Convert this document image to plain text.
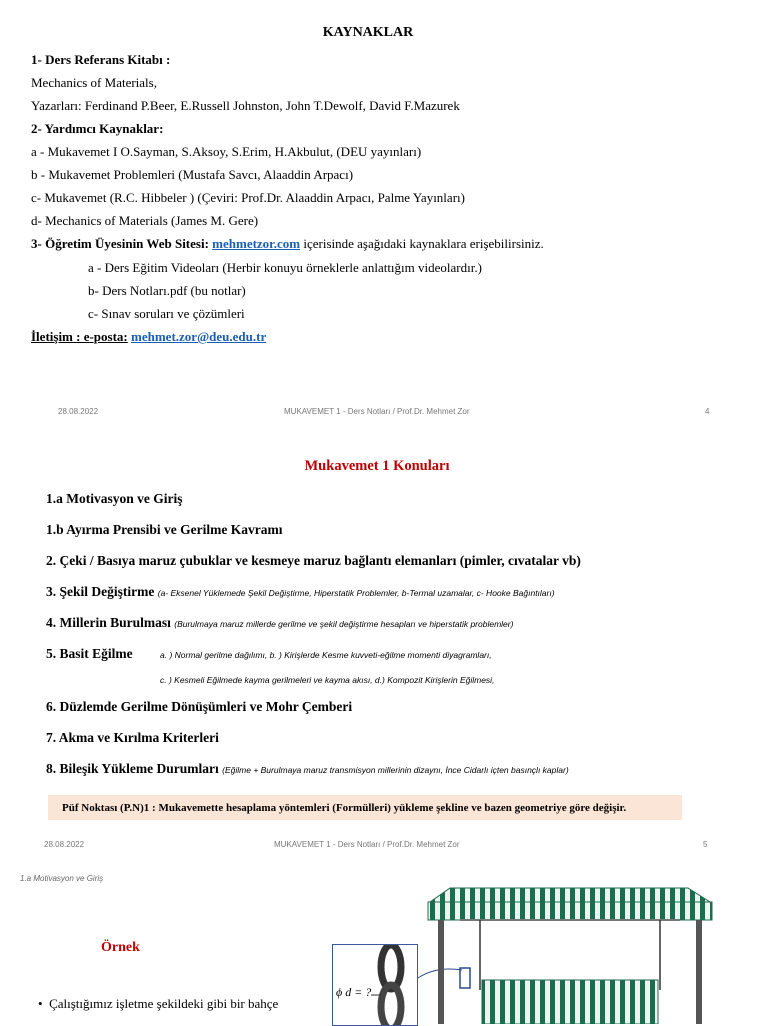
KAYNAKLAR
1- Ders Referans Kitabı :
Mechanics of Materials,
Yazarları: Ferdinand P.Beer, E.Russell Johnston, John T.Dewolf, David F.Mazurek
2- Yardımcı Kaynaklar:
a - Mukavemet I O.Sayman, S.Aksoy, S.Erim, H.Akbulut, (DEU yayınları)
b - Mukavemet Problemleri (Mustafa Savcı, Alaaddin Arpacı)
c- Mukavemet (R.C. Hibbeler ) (Çeviri: Prof.Dr. Alaaddin Arpacı, Palme Yayınları)
d- Mechanics of Materials (James M. Gere)
3- Öğretim Üyesinin Web Sitesi: mehmetzor.com içerisinde aşağıdaki kaynaklara erişebilirsiniz.
a - Ders Eğitim Videoları (Herbir konuyu örneklerle anlattığım videolardır.)
b- Ders Notları.pdf (bu notlar)
c- Sınav soruları ve çözümleri
İletişim : e-posta: mehmet.zor@deu.edu.tr
28.08.2022	MUKAVEMET 1 - Ders Notları / Prof.Dr. Mehmet Zor	4
Mukavemet 1 Konuları
1.a Motivasyon ve Giriş
1.b Ayırma Prensibi ve Gerilme Kavramı
2. Çeki / Basıya maruz çubuklar ve kesmeye maruz bağlantı elemanları (pimler, cıvatalar vb)
3. Şekil Değiştirme (a- Eksenel Yüklemede Şekil Değiştirme, Hiperstatik Problemler, b-Termal uzamalar, c- Hooke Bağıntıları)
4. Millerin Burulması (Burulmaya maruz millerde gerilme ve şekil değiştirme hesapları ve hiperstatik problemler)
5. Basit Eğilme	a. ) Normal gerilme dağılımı, b. ) Kirişlerde Kesme kuvveti-eğilme momenti diyagramları,
c. ) Kesmeli Eğilmede kayma gerilmeleri ve kayma akısı, d.) Kompozit Kirişlerin Eğilmesi,
6. Düzlemde Gerilme Dönüşümleri ve Mohr Çemberi
7. Akma ve Kırılma Kriterleri
8. Bileşik Yükleme Durumları (Eğilme + Burulmaya maruz transmisyon millerinin dizaynı, İnce Cidarlı içten basınçlı kaplar)
Püf Noktası (P.N)1 : Mukavemette hesaplama yöntemleri (Formülleri) yükleme şekline ve bazen geometriye göre değişir.
28.08.2022	MUKAVEMET 1 - Ders Notları / Prof.Dr. Mehmet Zor	5
1.a Motivasyon ve Giriş
Örnek
• Çalıştığımız işletme şekildeki gibi bir bahçe
ϕ d = ?
